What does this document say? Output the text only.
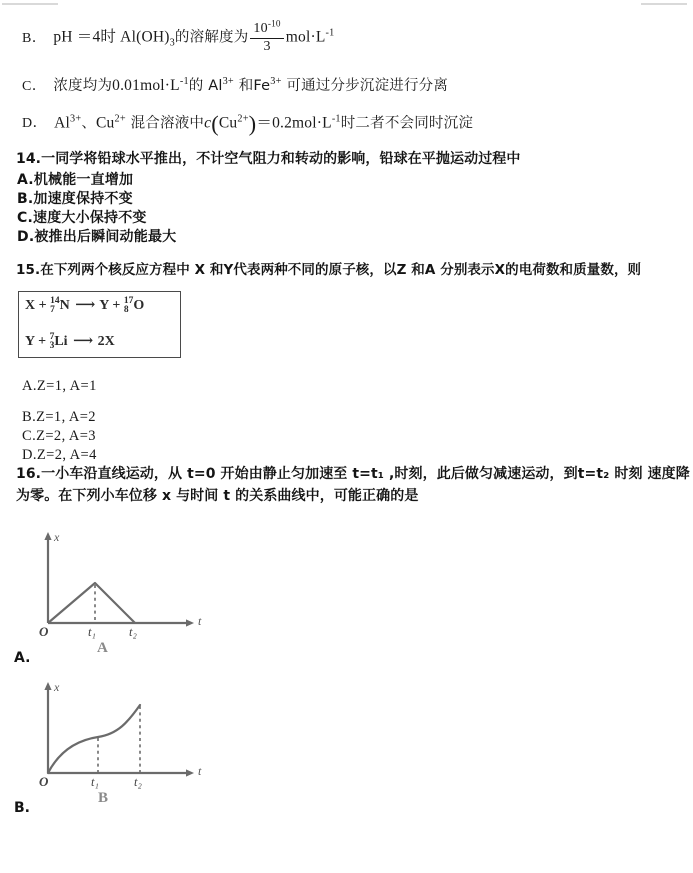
B． pH ＝4时 $Al(OH)_3$的溶解度为 $\frac{10^{-10}}{3} mol\cdot L^{-1}$
C． 浓度均为$0.01mol\cdot L^{-1}$的 $Al^{3+}$ 和$Fe^{3+}$ 可通过分步沉淀进行分离
D． $Al^{3+}$、$Cu^{2+}$ 混合溶液中$c(Cu^{2+})=0.2mol\cdot L^{-1}$时二者不会同时沉淀
14.一同学将铅球水平推出，不计空气阻力和转动的影响，铅球在平抛运动过程中
A.机械能一直增加
B.加速度保持不变
C.速度大小保持不变
D.被推出后瞬间动能最大
15.在下列两个核反应方程中 X 和Y代表两种不同的原子核，以Z 和A 分别表示X的电荷数和质量数，则
X + 14
7 N ⟶ Y + 17
8 O
Y + 7
3 Li ⟶ 2X
A.Z=1, A=1
B.Z=1, A=2
C.Z=2, A=3
D.Z=2, A=4
16.一小车沿直线运动，从 t=0 开始由静止匀加速至 t=t₁ ,时刻，此后做匀减速运动，到t=t₂ 时刻 速度降
为零。在下列小车位移 x 与时间 t 的关系曲线中，可能正确的是
x
t
O	t₁	t₂
A
A.
x
t
O	t₁	t₂
B
B.
